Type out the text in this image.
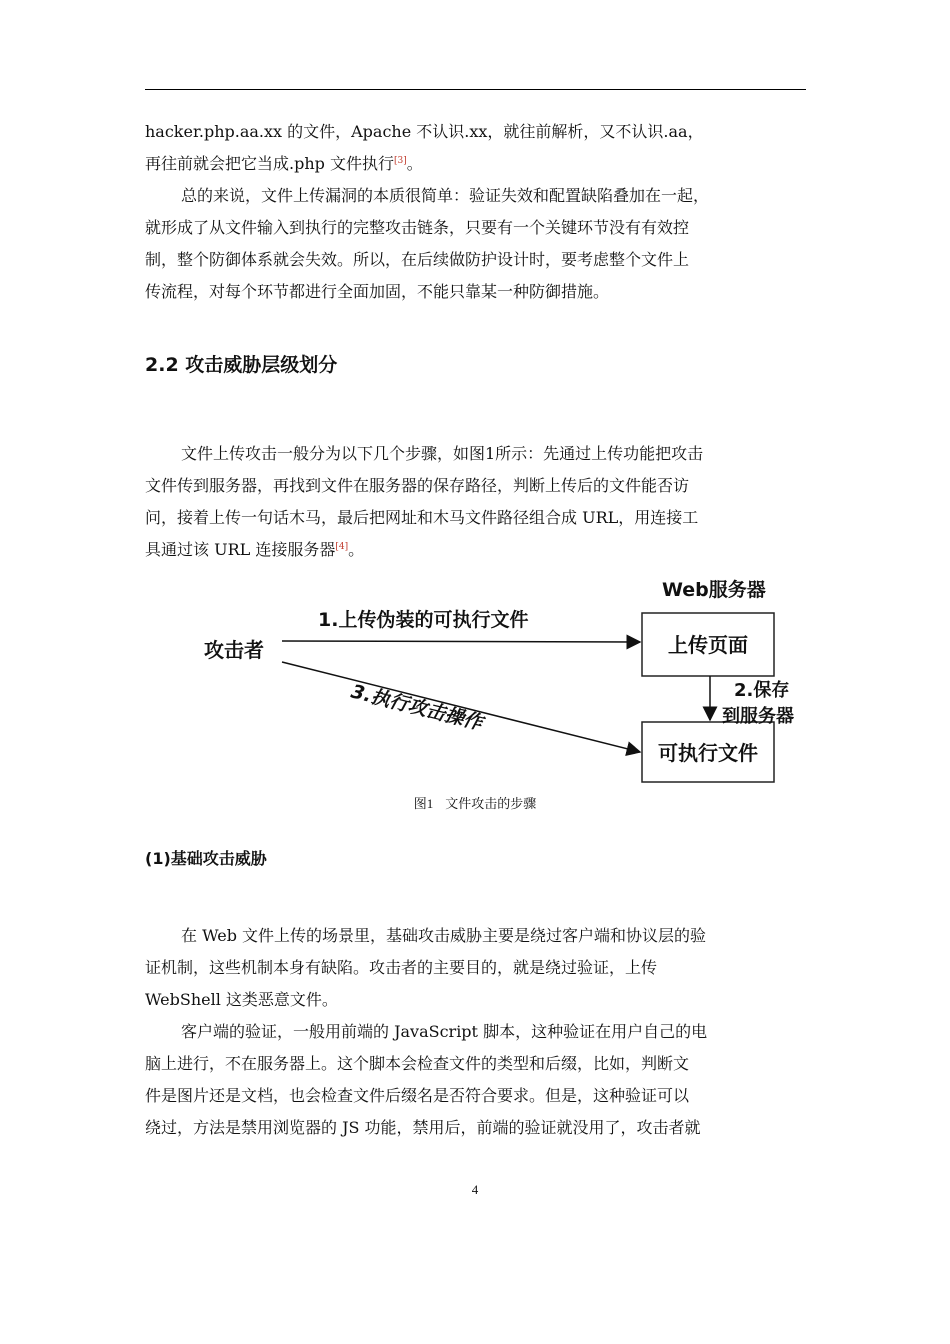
hacker.php.aa.xx 的文件，Apache 不认识.xx，就往前解析，又不认识.aa，
再往前就会把它当成.php 文件执行[3]。
总的来说，文件上传漏洞的本质很简单：验证失效和配置缺陷叠加在一起，
就形成了从文件输入到执行的完整攻击链条，只要有一个关键环节没有有效控
制，整个防御体系就会失效。所以，在后续做防护设计时，要考虑整个文件上
传流程，对每个环节都进行全面加固，不能只靠某一种防御措施。
2.2 攻击威胁层级划分
文件上传攻击一般分为以下几个步骤，如图1所示：先通过上传功能把攻击
文件传到服务器，再找到文件在服务器的保存路径，判断上传后的文件能否访
问，接着上传一句话木马，最后把网址和木马文件路径组合成 URL，用连接工
具通过该 URL 连接服务器[4]。
Web服务器
攻击者	上传页面
可执行文件
1.上传伪装的可执行文件
2.保存
到服务器
3.执行攻击操作
图1 文件攻击的步骤
(1)基础攻击威胁
在 Web 文件上传的场景里，基础攻击威胁主要是绕过客户端和协议层的验
证机制，这些机制本身有缺陷。攻击者的主要目的，就是绕过验证，上传
WebShell 这类恶意文件。
客户端的验证，一般用前端的 JavaScript 脚本，这种验证在用户自己的电
脑上进行，不在服务器上。这个脚本会检查文件的类型和后缀，比如，判断文
件是图片还是文档，也会检查文件后缀名是否符合要求。但是，这种验证可以
绕过，方法是禁用浏览器的 JS 功能，禁用后，前端的验证就没用了，攻击者就
4
